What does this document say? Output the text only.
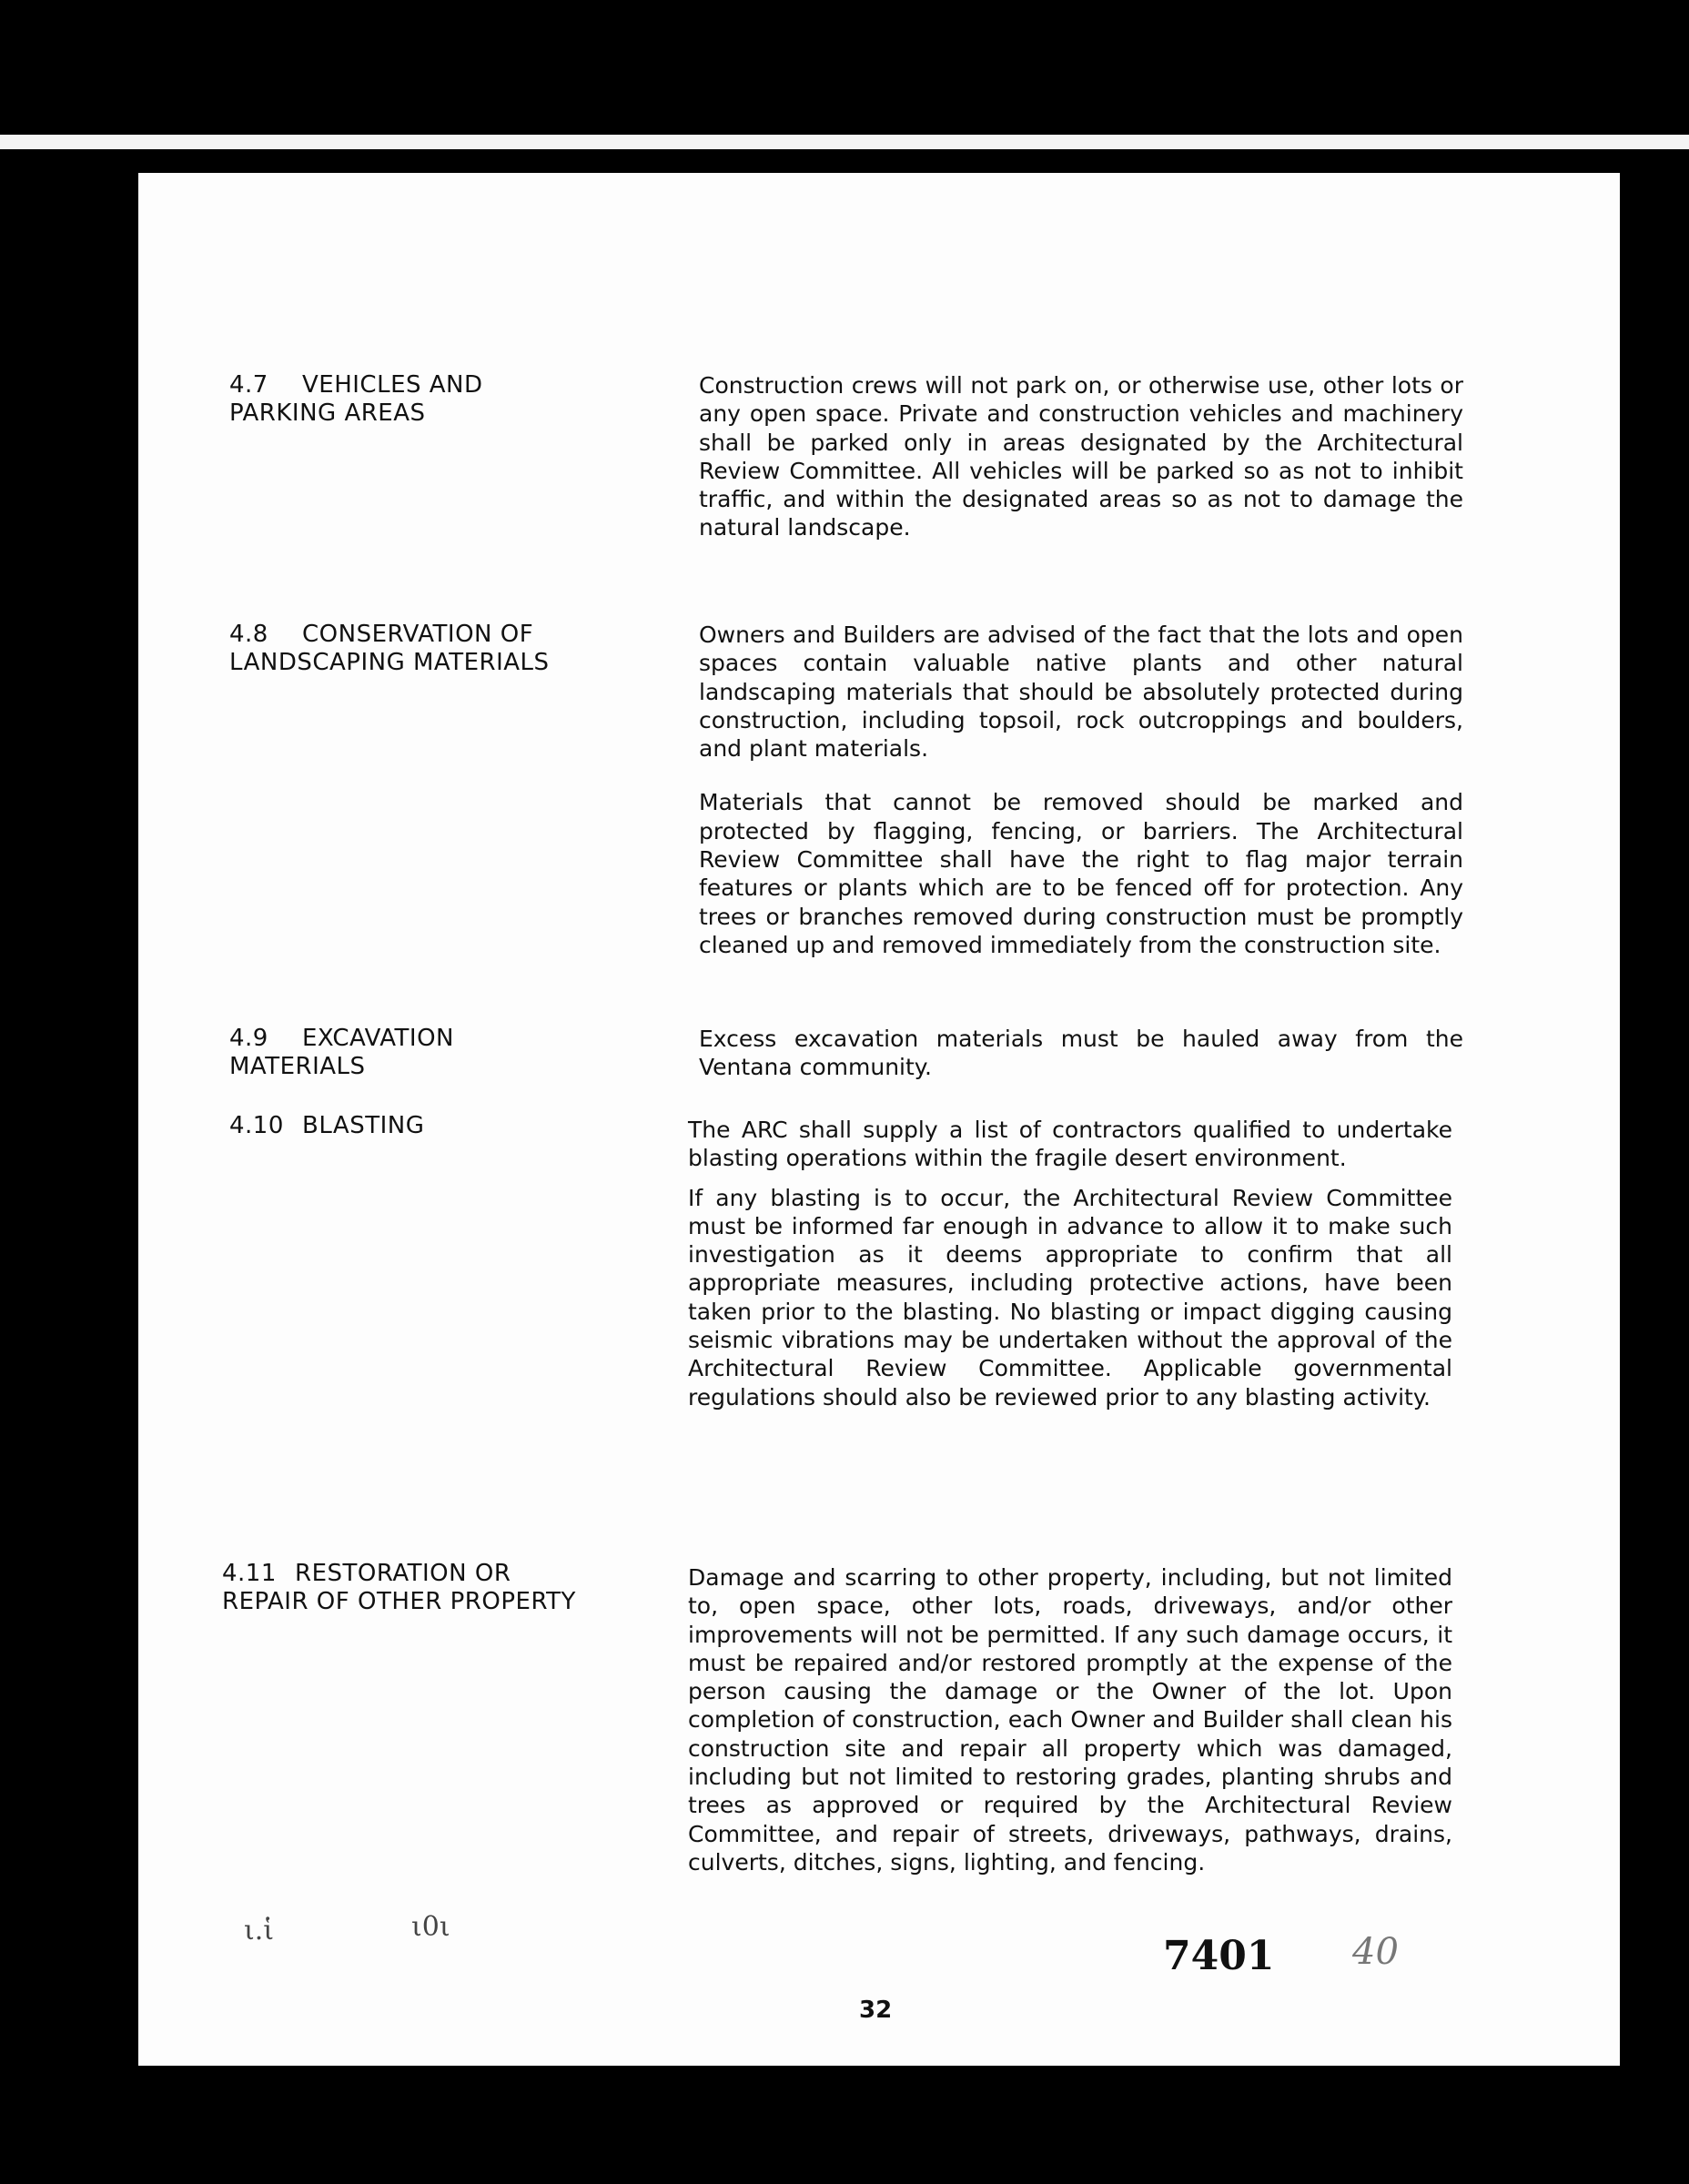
4.7 VEHICLES AND
PARKING AREAS

Construction crews will not park on, or otherwise use, other lots or any open space. Private and construction vehicles and machinery shall be parked only in areas designated by the Architectural Review Committee. All vehicles will be parked so as not to inhibit traffic, and within the designated areas so as not to damage the natural landscape.

4.8 CONSERVATION OF
LANDSCAPING MATERIALS

Owners and Builders are advised of the fact that the lots and open spaces contain valuable native plants and other natural landscaping materials that should be absolutely protected during construction, including topsoil, rock outcroppings and boulders, and plant materials.

Materials that cannot be removed should be marked and protected by flagging, fencing, or barriers. The Architectural Review Committee shall have the right to flag major terrain features or plants which are to be fenced off for protection. Any trees or branches removed during construction must be promptly cleaned up and removed immediately from the construction site.

4.9 EXCAVATION
MATERIALS

Excess excavation materials must be hauled away from the Ventana community.

4.10 BLASTING	The ARC shall supply a list of contractors qualified to undertake blasting operations within the fragile desert environment.

If any blasting is to occur, the Architectural Review Committee must be informed far enough in advance to allow it to make such investigation as it deems appropriate to confirm that all appropriate measures, including protective actions, have been taken prior to the blasting. No blasting or impact digging causing seismic vibrations may be undertaken without the approval of the Architectural Review Committee. Applicable governmental regulations should also be reviewed prior to any blasting activity.

4.11 RESTORATION OR
REPAIR OF OTHER PROPERTY

Damage and scarring to other property, including, but not limited to, open space, other lots, roads, driveways, and/or other improvements will not be permitted. If any such damage occurs, it must be repaired and/or restored promptly at the expense of the person causing the damage or the Owner of the lot. Upon completion of construction, each Owner and Builder shall clean his construction site and repair all property which was damaged, including but not limited to restoring grades, planting shrubs and trees as approved or required by the Architectural Review Committee, and repair of streets, driveways, pathways, drains, culverts, ditches, signs, lighting, and fencing.

ι.ἱ	ι0ι
7401 40
32
